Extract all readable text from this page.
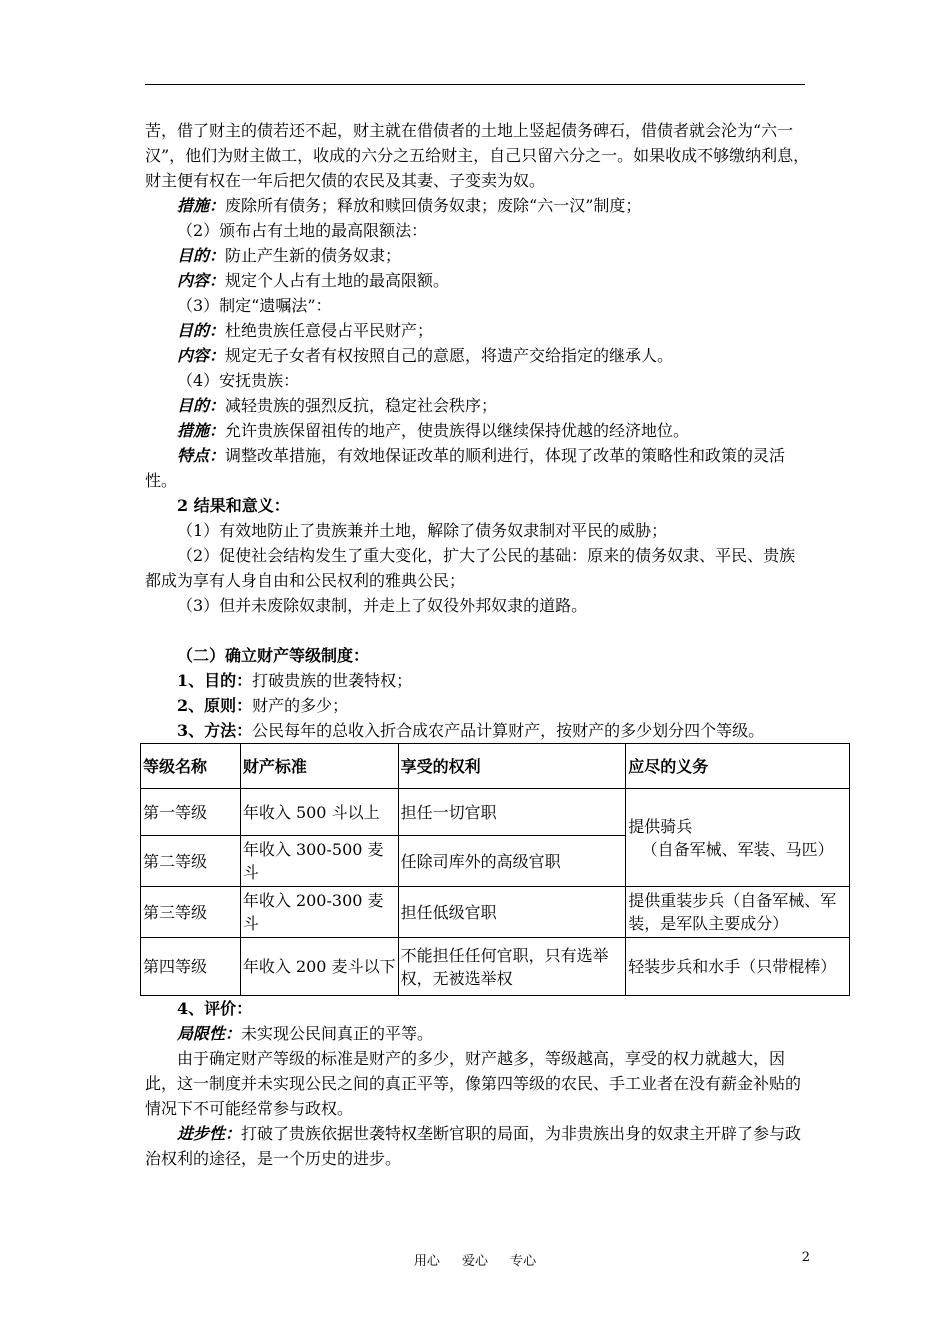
苦，借了财主的债若还不起，财主就在借债者的土地上竖起债务碑石，借债者就会沦为“六一汉”，他们为财主做工，收成的六分之五给财主，自己只留六分之一。如果收成不够缴纳利息，财主便有权在一年后把欠债的农民及其妻、子变卖为奴。

措施：废除所有债务；释放和赎回债务奴隶；废除“六一汉”制度；

（2）颁布占有土地的最高限额法：

目的：防止产生新的债务奴隶；

内容：规定个人占有土地的最高限额。

（3）制定“遗嘱法”：

目的：杜绝贵族任意侵占平民财产；

内容：规定无子女者有权按照自己的意愿，将遗产交给指定的继承人。

（4）安抚贵族：

目的：减轻贵族的强烈反抗，稳定社会秩序；

措施：允许贵族保留祖传的地产，使贵族得以继续保持优越的经济地位。

特点：调整改革措施，有效地保证改革的顺利进行，体现了改革的策略性和政策的灵活性。

2 结果和意义：

（1）有效地防止了贵族兼并土地，解除了债务奴隶制对平民的威胁；

（2）促使社会结构发生了重大变化，扩大了公民的基础：原来的债务奴隶、平民、贵族都成为享有人身自由和公民权利的雅典公民；

（3）但并未废除奴隶制，并走上了奴役外邦奴隶的道路。

（二）确立财产等级制度：

1、目的：打破贵族的世袭特权；

2、原则：财产的多少；

3、方法：公民每年的总收入折合成农产品计算财产，按财产的多少划分四个等级。

等级名称	财产标准	享受的权利	应尽的义务
第一等级	年收入 500 斗以上	担任一切官职	提供骑兵
（自备军械、军装、马匹）

第二等级	年收入 300-500 麦斗	任除司库外的高级官职	
第三等级	年收入 200-300 麦斗	担任低级官职	提供重装步兵（自备军械、军装，是军队主要成分）
第四等级	年收入 200 麦斗以下	不能担任任何官职，只有选举权，无被选举权	轻装步兵和水手（只带棍棒）

4、评价：

局限性：未实现公民间真正的平等。

由于确定财产等级的标准是财产的多少，财产越多，等级越高，享受的权力就越大，因此，这一制度并未实现公民之间的真正平等，像第四等级的农民、手工业者在没有薪金补贴的情况下不可能经常参与政权。

进步性：打破了贵族依据世袭特权垄断官职的局面，为非贵族出身的奴隶主开辟了参与政治权利的途径，是一个历史的进步。

用心 爱心 专心	2
